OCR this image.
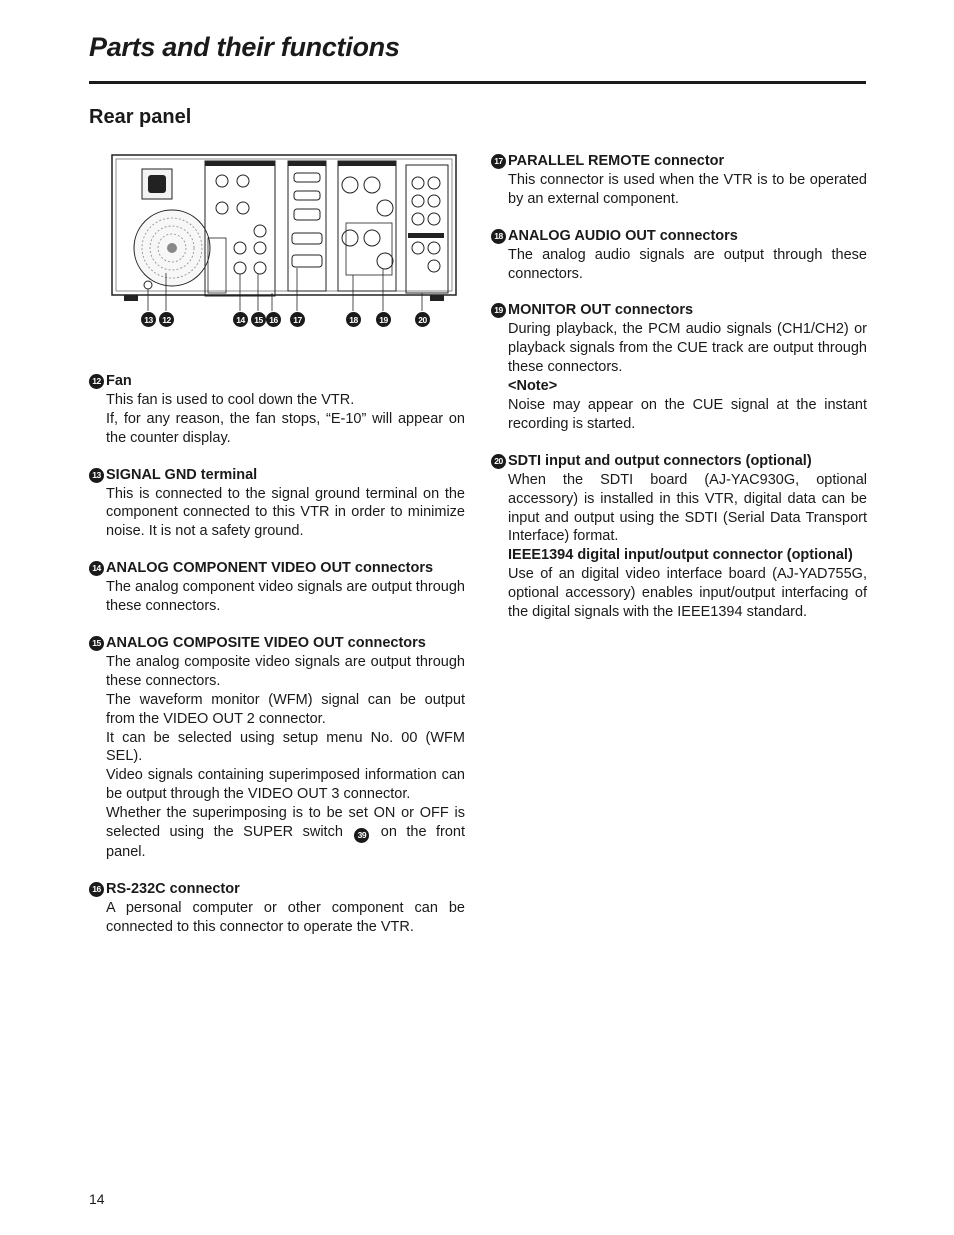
Parts and their functions
Rear panel
13	12	14	15 16	17	18	19	20
12 Fan

This fan is used to cool down the VTR.

If, for any reason, the fan stops, “E-10” will appear on the counter display.

13 SIGNAL GND terminal

This is connected to the signal ground terminal on the component connected to this VTR in order to minimize noise. It is not a safety ground.

14 ANALOG COMPONENT VIDEO OUT connectors

The analog component video signals are output through these connectors.

15 ANALOG COMPOSITE VIDEO OUT connectors

The analog composite video signals are output through these connectors.

The waveform monitor (WFM) signal can be output from the VIDEO OUT 2 connector.

It can be selected using setup menu No. 00 (WFM SEL).

Video signals containing superimposed information can be output through the VIDEO OUT 3 connector.

Whether the superimposing is to be set ON or OFF is selected using the SUPER switch 39 on the front panel.

16 RS-232C connector

A personal computer or other component can be connected to this connector to operate the VTR.

17 PARALLEL REMOTE connector

This connector is used when the VTR is to be operated by an external component.

18 ANALOG AUDIO OUT connectors

The analog audio signals are output through these connectors.

19 MONITOR OUT connectors

During playback, the PCM audio signals (CH1/CH2) or playback signals from the CUE track are output through these connectors.

<Note>

Noise may appear on the CUE signal at the instant recording is started.

20 SDTI input and output connectors (optional)

When the SDTI board (AJ-YAC930G, optional accessory) is installed in this VTR, digital data can be input and output using the SDTI (Serial Data Transport Interface) format.

IEEE1394 digital input/output connector (optional)

Use of an digital video interface board (AJ-YAD755G, optional accessory) enables input/output interfacing of the digital signals with the IEEE1394 standard.

14
